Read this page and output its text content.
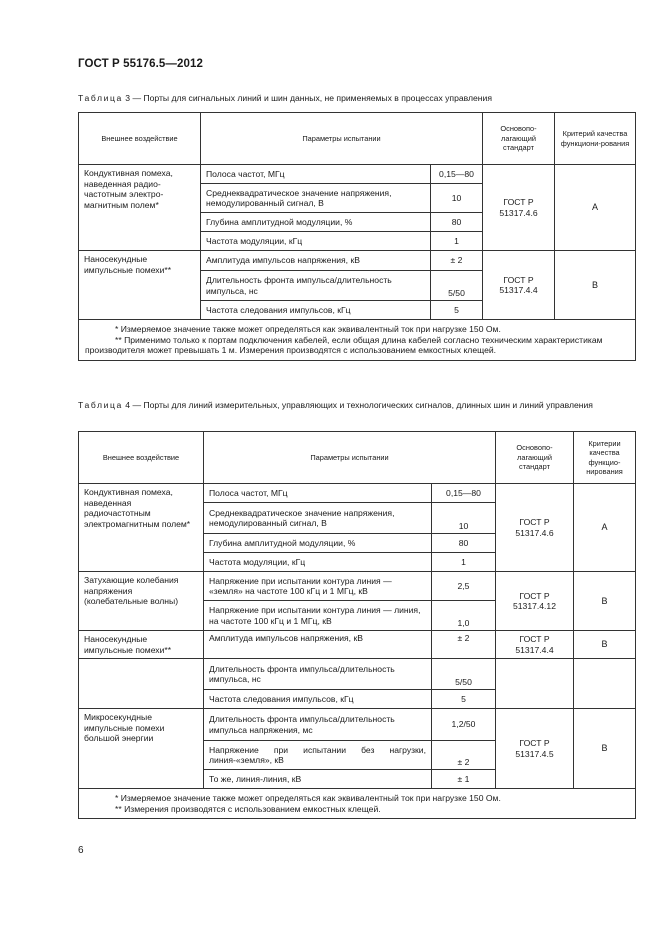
ГОСТ Р 55176.5—2012
Таблица 3 — Порты для сигнальных линий и шин данных, не применяемых в процессах управления
Внешнее воздействие	Параметры испытании		Основопо-лагающий стандарт	Критерий качества функциони-рования
Кондуктивная помеха, наведенная радио-частотным электро-магнитным полем*	Полоса частот, МГц	0,15—80	ГОСТ Р 51317.4.6	А
	Среднеквадратическое значение напряжения, немодулированный сигнал, В	10		
	Глубина амплитудной модуляции, %	80		
	Частота модуляции, кГц	1		
Наносекундные импульсные помехи**	Амплитуда импульсов напряжения, кВ	± 2	ГОСТ Р 51317.4.4	В
	Длительность фронта импульса/длительность импульса, нс	5/50		
	Частота следования импульсов, кГц	5		

* Измеряемое значение также может определяться как эквивалентный ток при нагрузке 150 Ом.
** Применимо только к портам подключения кабелей, если общая длина кабелей согласно техническим характеристикам производителя может превышать 1 м. Измерения производятся с использованием емкостных клещей.				
Таблица 4 — Порты для линий измерительных, управляющих и технологических сигналов, длинных шин и линий управления
Внешнее воздействие	Параметры испытании		Основопо-лагающий стандарт	Критерии качества функцио-нирования
Кондуктивная помеха, наведенная радиочастотным электромагнитным полем*	Полоса частот, МГц	0,15—80	ГОСТ Р 51317.4.6	А
	Среднеквадратическое значение напряжения, немодулированный сигнал, В	10		
	Глубина амплитудной модуляции, %	80		
	Частота модуляции, кГц	1		
Затухающие колебания напряжения (колебательные волны)	Напряжение при испытании контура линия — «земля» на частоте 100 кГц и 1 МГц, кВ	2,5	ГОСТ Р 51317.4.12	В
	Напряжение при испытании контура линия — линия, на частоте 100 кГц и 1 МГц, кВ	1,0		
Наносекундные импульсные помехи**	Амплитуда импульсов напряжения, кВ	± 2	ГОСТ Р 51317.4.4	В
	Длительность фронта импульса/длительность импульса, нс	5/50		
	Частота следования импульсов, кГц	5		
Микросекундные импульсные помехи большой энергии	Длительность фронта импульса/длительность импульса напряжения, мс	1,2/50	ГОСТ Р 51317.4.5	В
	Напряжение при испытании без нагрузки, линия-«земля», кВ	± 2		
	То же, линия-линия, кВ	± 1		

* Измеряемое значение также может определяться как эквивалентный ток при нагрузке 150 Ом.
** Измерения производятся с использованием емкостных клещей.				
6
